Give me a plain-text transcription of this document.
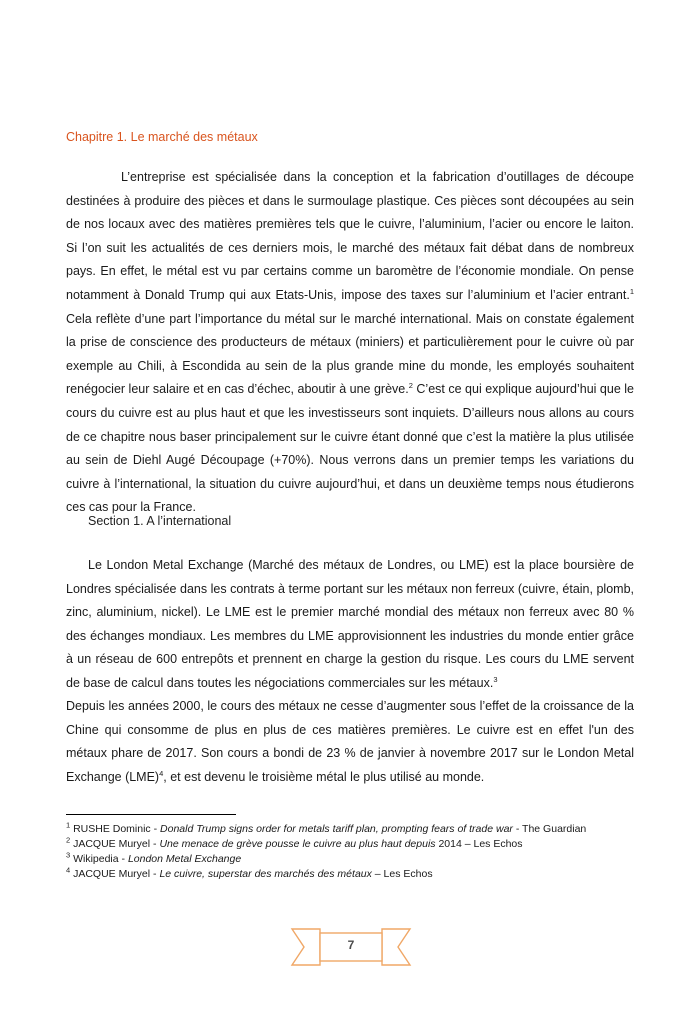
Chapitre 1. Le marché des métaux

L’entreprise est spécialisée dans la conception et la fabrication d’outillages de découpe destinées à produire des pièces et dans le surmoulage plastique. Ces pièces sont découpées au sein de nos locaux avec des matières premières tels que le cuivre, l’aluminium, l’acier ou encore le laiton. Si l’on suit les actualités de ces derniers mois, le marché des métaux fait débat dans de nombreux pays. En effet, le métal est vu par certains comme un baromètre de l’économie mondiale. On pense notamment à Donald Trump qui aux Etats-Unis, impose des taxes sur l’aluminium et l’acier entrant.$^1$ Cela reflète d’une part l’importance du métal sur le marché international. Mais on constate également la prise de conscience des producteurs de métaux (miniers) et particulièrement pour le cuivre où par exemple au Chili, à Escondida au sein de la plus grande mine du monde, les employés souhaitent renégocier leur salaire et en cas d’échec, aboutir à une grève.$^2$ C’est ce qui explique aujourd’hui que le cours du cuivre est au plus haut et que les investisseurs sont inquiets. D’ailleurs nous allons au cours de ce chapitre nous baser principalement sur le cuivre étant donné que c’est la matière la plus utilisée au sein de Diehl Augé Découpage (+70%). Nous verrons dans un premier temps les variations du cuivre à l’international, la situation du cuivre aujourd’hui, et dans un deuxième temps nous étudierons ces cas pour la France.

Section 1. A l’international

Le London Metal Exchange (Marché des métaux de Londres, ou LME) est la place boursière de Londres spécialisée dans les contrats à terme portant sur les métaux non ferreux (cuivre, étain, plomb, zinc, aluminium, nickel). Le LME est le premier marché mondial des métaux non ferreux avec 80 % des échanges mondiaux. Les membres du LME approvisionnent les industries du monde entier grâce à un réseau de 600 entrepôts et prennent en charge la gestion du risque. Les cours du LME servent de base de calcul dans toutes les négociations commerciales sur les métaux.$^3$

Depuis les années 2000, le cours des métaux ne cesse d’augmenter sous l’effet de la croissance de la Chine qui consomme de plus en plus de ces matières premières. Le cuivre est en effet l'un des métaux phare de 2017. Son cours a bondi de 23 % de janvier à novembre 2017 sur le London Metal Exchange (LME)$^4$, et est devenu le troisième métal le plus utilisé au monde.

$^1$ RUSHE Dominic - Donald Trump signs order for metals tariff plan, prompting fears of trade war - The Guardian
$^2$ JACQUE Muryel - Une menace de grève pousse le cuivre au plus haut depuis 2014 – Les Echos
$^3$ Wikipedia - London Metal Exchange
$^4$ JACQUE Muryel - Le cuivre, superstar des marchés des métaux – Les Echos
7
